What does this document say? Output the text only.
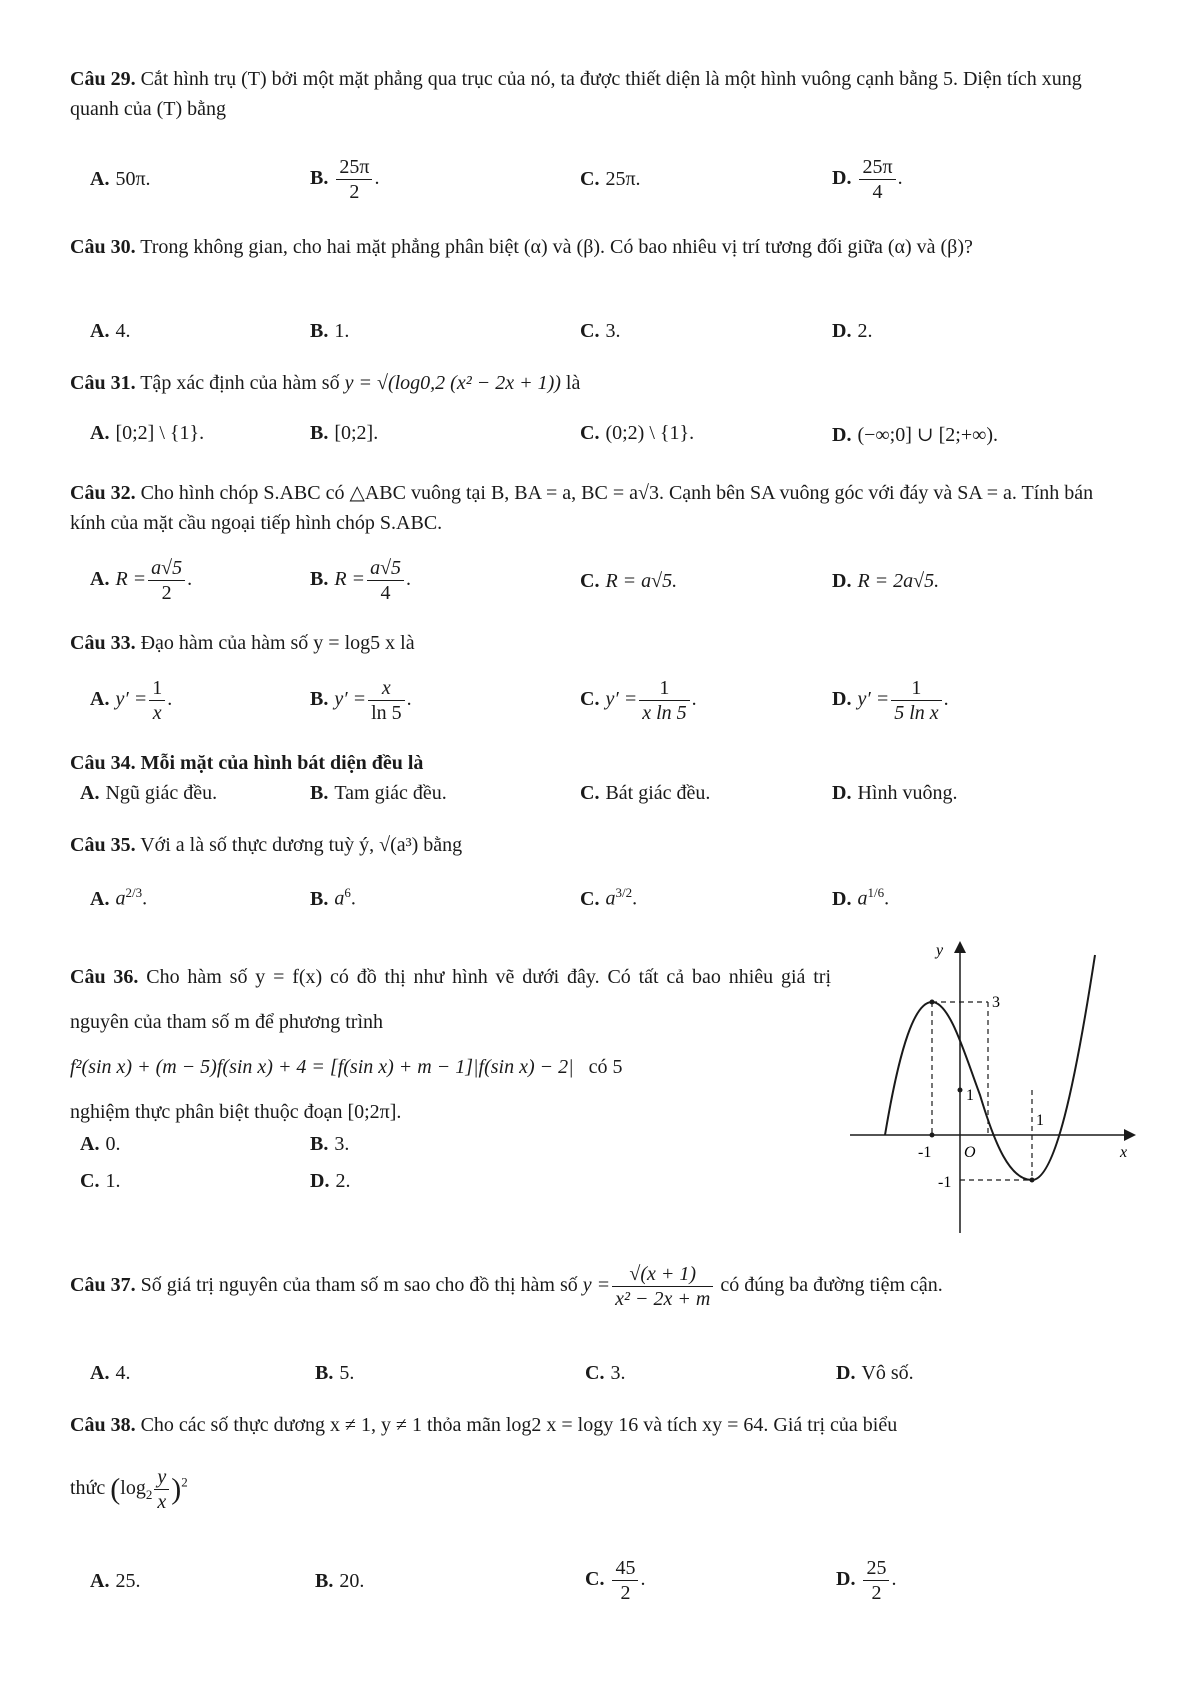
Câu 29. Cắt hình trụ (T) bởi một mặt phẳng qua trục của nó, ta được thiết diện là một hình vuông cạnh bằng 5. Diện tích xung quanh của (T) bằng
A. 50π.	B. $\frac{25\pi}{2}$ .	C. 25π.	D. $\frac{25\pi}{4}$ .
Câu 30. Trong không gian, cho hai mặt phẳng phân biệt (α) và (β). Có bao nhiêu vị trí tương đối giữa (α) và (β)?
A. 4.	B. 1.	C. 3.	D. 2.
Câu 31. Tập xác định của hàm số y = √(log0,2 (x² − 2x + 1)) là
A. [0;2] \ {1}.	B. [0;2].	C. (0;2) \ {1}.	D. (−∞;0] ∪ [2;+∞).
Câu 32. Cho hình chóp S.ABC có △ABC vuông tại B, BA = a, BC = a√3. Cạnh bên SA vuông góc với đáy và SA = a. Tính bán kính của mặt cầu ngoại tiếp hình chóp S.ABC.
A. $R = \frac{a√5}{2}$ .	B. $R = \frac{a√5}{4}$ .	C. R = a√5.	D. R = 2a√5.
Câu 33. Đạo hàm của hàm số y = log5 x là
A. $y' = \frac{1}{x}$ .	B. $y' = \frac{x}{\ln 5}$ .	C. $y' = \frac{1}{\text{x ln 5}}$ .	D. $y' = \frac{1}{\text{5 ln x}}$ .
Câu 34. Mỗi mặt của hình bát diện đều là
A. Ngũ giác đều.	B. Tam giác đều.	C. Bát giác đều.	D. Hình vuông.
Câu 35. Với a là số thực dương tuỳ ý, √(a³) bằng
A. $a^{2/3}$.	B. $a^6$.	C. $a^{3/2}$.	D. $a^{1/6}$.
Câu 36. Cho hàm số y = f(x) có đồ thị như hình vẽ dưới đây. Có tất cả bao nhiêu giá trị nguyên của tham số m để phương trình
f²(sin x) + (m − 5)f(sin x) + 4 = [f(sin x) + m − 1]|f(sin x) − 2| có 5
nghiệm thực phân biệt thuộc đoạn [0;2π].
A. 0.	B. 3.
C. 1.	D. 2.
y
x
O
3
1
1
-1
-1
Câu 37. Số giá trị nguyên của tham số m sao cho đồ thị hàm số $y = \frac{√(x + 1)}{\text{x² − 2x + m}}$ có đúng ba đường tiệm cận.
A. 4.	B. 5.	C. 3.	D. Vô số.
Câu 38. Cho các số thực dương x ≠ 1, y ≠ 1 thỏa mãn log2 x = logy 16 và tích xy = 64. Giá trị của biểu
thức $(\log_2 \frac{y}{x} )^2$
A. 25.	B. 20.	C. $\frac{45}{2}$ .	D. $\frac{25}{2}$ .
